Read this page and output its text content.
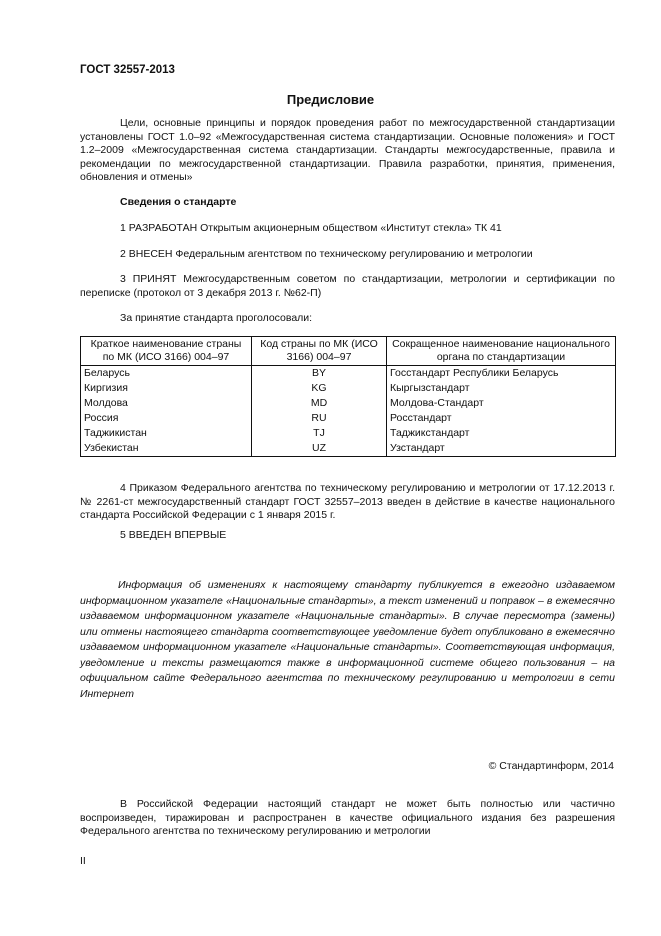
ГОСТ 32557-2013
Предисловие

Цели, основные принципы и порядок проведения работ по межгосударственной стандартизации установлены ГОСТ 1.0–92 «Межгосударственная система стандартизации. Основные положения» и ГОСТ 1.2–2009 «Межгосударственная система стандартизации. Стандарты межгосударственные, правила и рекомендации по межгосударственной стандартизации. Правила разработки, принятия, применения, обновления и отмены»

Сведения о стандарте

1 РАЗРАБОТАН Открытым акционерным обществом «Институт стекла» ТК 41

2 ВНЕСЕН Федеральным агентством по техническому регулированию и метрологии

3 ПРИНЯТ Межгосударственным советом по стандартизации, метрологии и сертификации по переписке (протокол от 3 декабря 2013 г. №62-П)

За принятие стандарта проголосовали:

Краткое наименование страны по МК (ИСО 3166) 004–97	Код страны по МК (ИСО 3166) 004–97	Сокращенное наименование национального органа по стандартизации
Беларусь	BY	Госстандарт Республики Беларусь
Киргизия	KG	Кыргызстандарт
Молдова	MD	Молдова-Стандарт
Россия	RU	Росстандарт
Таджикистан	TJ	Таджикстандарт
Узбекистан	UZ	Узстандарт

4 Приказом Федерального агентства по техническому регулированию и метрологии от 17.12.2013 г. № 2261-ст межгосударственный стандарт ГОСТ 32557–2013 введен в действие в качестве национального стандарта Российской Федерации с 1 января 2015 г.

5 ВВЕДЕН ВПЕРВЫЕ

Информация об изменениях к настоящему стандарту публикуется в ежегодно издаваемом информационном указателе «Национальные стандарты», а текст изменений и поправок – в ежемесячно издаваемом информационном указателе «Национальные стандарты». В случае пересмотра (замены) или отмены настоящего стандарта соответствующее уведомление будет опубликовано в ежемесячно издаваемом информационном указателе «Национальные стандарты». Соответствующая информация, уведомление и тексты размещаются также в информационной системе общего пользования – на официальном сайте Федерального агентства по техническому регулированию и метрологии в сети Интернет

© Стандартинформ, 2014

В Российской Федерации настоящий стандарт не может быть полностью или частично воспроизведен, тиражирован и распространен в качестве официального издания без разрешения Федерального агентства по техническому регулированию и метрологии

II
